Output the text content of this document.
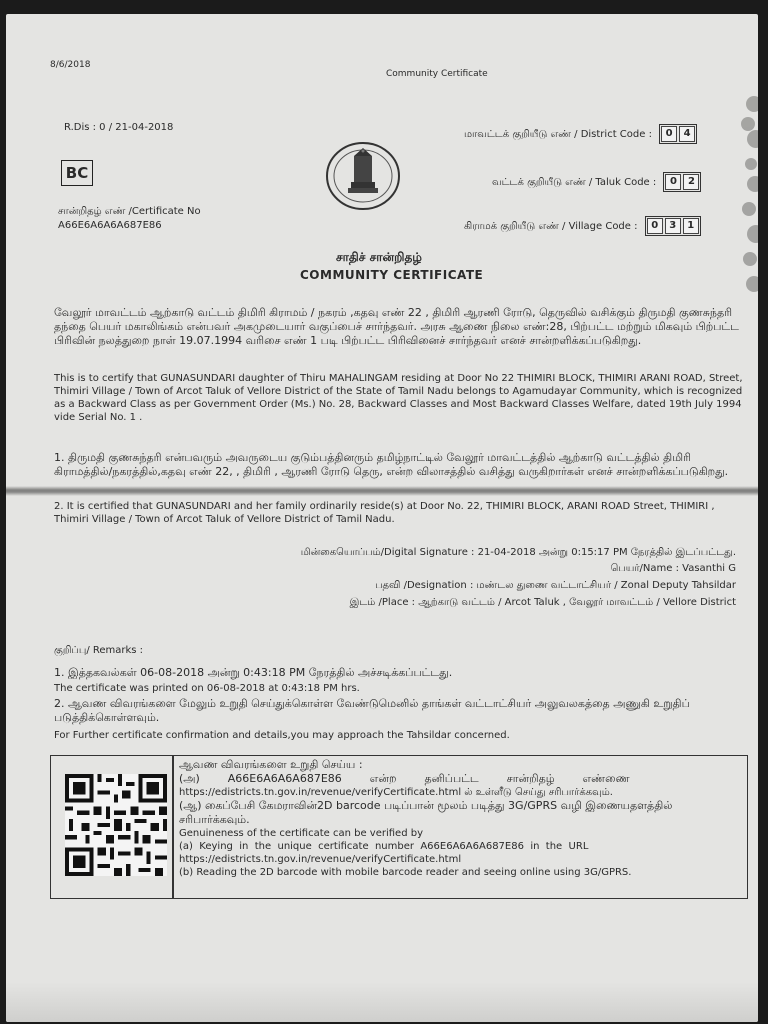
8/6/2018
Community Certificate
R.Dis : 0 / 21-04-2018
BC
மாவட்டக் குறியீடு எண் / District Code : 0 4
வட்டக் குறியீடு எண் / Taluk Code : 0 2
கிராமக் குறியீடு எண் / Village Code : 0 3 1
சான்றிதழ் எண் /Certificate No
A66E6A6A6A687E86
சாதிச் சான்றிதழ்
COMMUNITY CERTIFICATE

வேலூர் மாவட்டம் ஆற்காடு வட்டம் திமிரி கிராமம் / நகரம் ,கதவு எண் 22 , திமிரி ஆரணி ரோடு, தெருவில் வசிக்கும் திருமதி குணசுந்தரி தந்தை பெயர் மகாலிங்கம் என்பவர் அகமுடையார் வகுப்பைச் சார்ந்தவர். அரசு ஆணை நிலை எண்:28, பிற்பட்ட மற்றும் மிகவும் பிற்பட்ட பிரிவின் நலத்துறை நாள் 19.07.1994 வரிசை எண் 1 படி பிற்பட்ட பிரிவினைச் சார்ந்தவர் எனச் சான்றளிக்கப்படுகிறது.

This is to certify that GUNASUNDARI daughter of Thiru MAHALINGAM residing at Door No 22 THIMIRI BLOCK, THIMIRI ARANI ROAD, Street, Thimiri Village / Town of Arcot Taluk of Vellore District of the State of Tamil Nadu belongs to Agamudayar Community, which is recognized as a Backward Class as per Government Order (Ms.) No. 28, Backward Classes and Most Backward Classes Welfare, dated 19th July 1994 vide Serial No. 1 .

1. திருமதி குணசுந்தரி என்பவரும் அவருடைய குடும்பத்தினரும் தமிழ்நாட்டில் வேலூர் மாவட்டத்தில் ஆற்காடு வட்டத்தில் திமிரி கிராமத்தில்/நகரத்தில்,கதவு எண் 22, , திமிரி , ஆரணி ரோடு தெரு, என்ற விலாசத்தில் வசித்து வருகிறார்கள் எனச் சான்றளிக்கப்படுகிறது.

2. It is certified that GUNASUNDARI and her family ordinarily reside(s) at Door No. 22, THIMIRI BLOCK, ARANI ROAD Street, THIMIRI , Thimiri Village / Town of Arcot Taluk of Vellore District of Tamil Nadu.

மின்கையொப்பம்/Digital Signature : 21-04-2018 அன்று 0:15:17 PM நேரத்தில் இடப்பட்டது.
பெயர்/Name : Vasanthi G
பதவி /Designation : மண்டல துணை வட்டாட்சியர் / Zonal Deputy Tahsildar
இடம் /Place : ஆற்காடு வட்டம் / Arcot Taluk , வேலூர் மாவட்டம் / Vellore District
குறிப்பு/ Remarks :

1. இத்தகவல்கள் 06-08-2018 அன்று 0:43:18 PM நேரத்தில் அச்சடிக்கப்பட்டது.

The certificate was printed on 06-08-2018 at 0:43:18 PM hrs.

2. ஆவண விவரங்களை மேலும் உறுதி செய்துக்கொள்ள வேண்டுமெனில் தாங்கள் வட்டாட்சியர் அலுவலகத்தை அணுகி உறுதிப் படுத்திக்கொள்ளவும்.

For Further certificate confirmation and details,you may approach the Tahsildar concerned.

ஆவண விவரங்களை உறுதி செய்ய :
(அ)        A66E6A6A6A687E86        என்ற        தனிப்பட்ட        சான்றிதழ்        எண்ணை
https://edistricts.tn.gov.in/revenue/verifyCertificate.html ல் உள்ளீடு செய்து சரிபார்க்கவும்.
(ஆ) கைப்பேசி கேமராவின்2D barcode படிப்பான் மூலம் படித்து 3G/GPRS வழி இணையதளத்தில் சரிபார்க்கவும்.
Genuineness of the certificate can be verified by
(a)  Keying  in  the  unique  certificate  number  A66E6A6A6A687E86  in  the  URL
https://edistricts.tn.gov.in/revenue/verifyCertificate.html
(b) Reading the 2D barcode with mobile barcode reader and seeing online using 3G/GPRS.
